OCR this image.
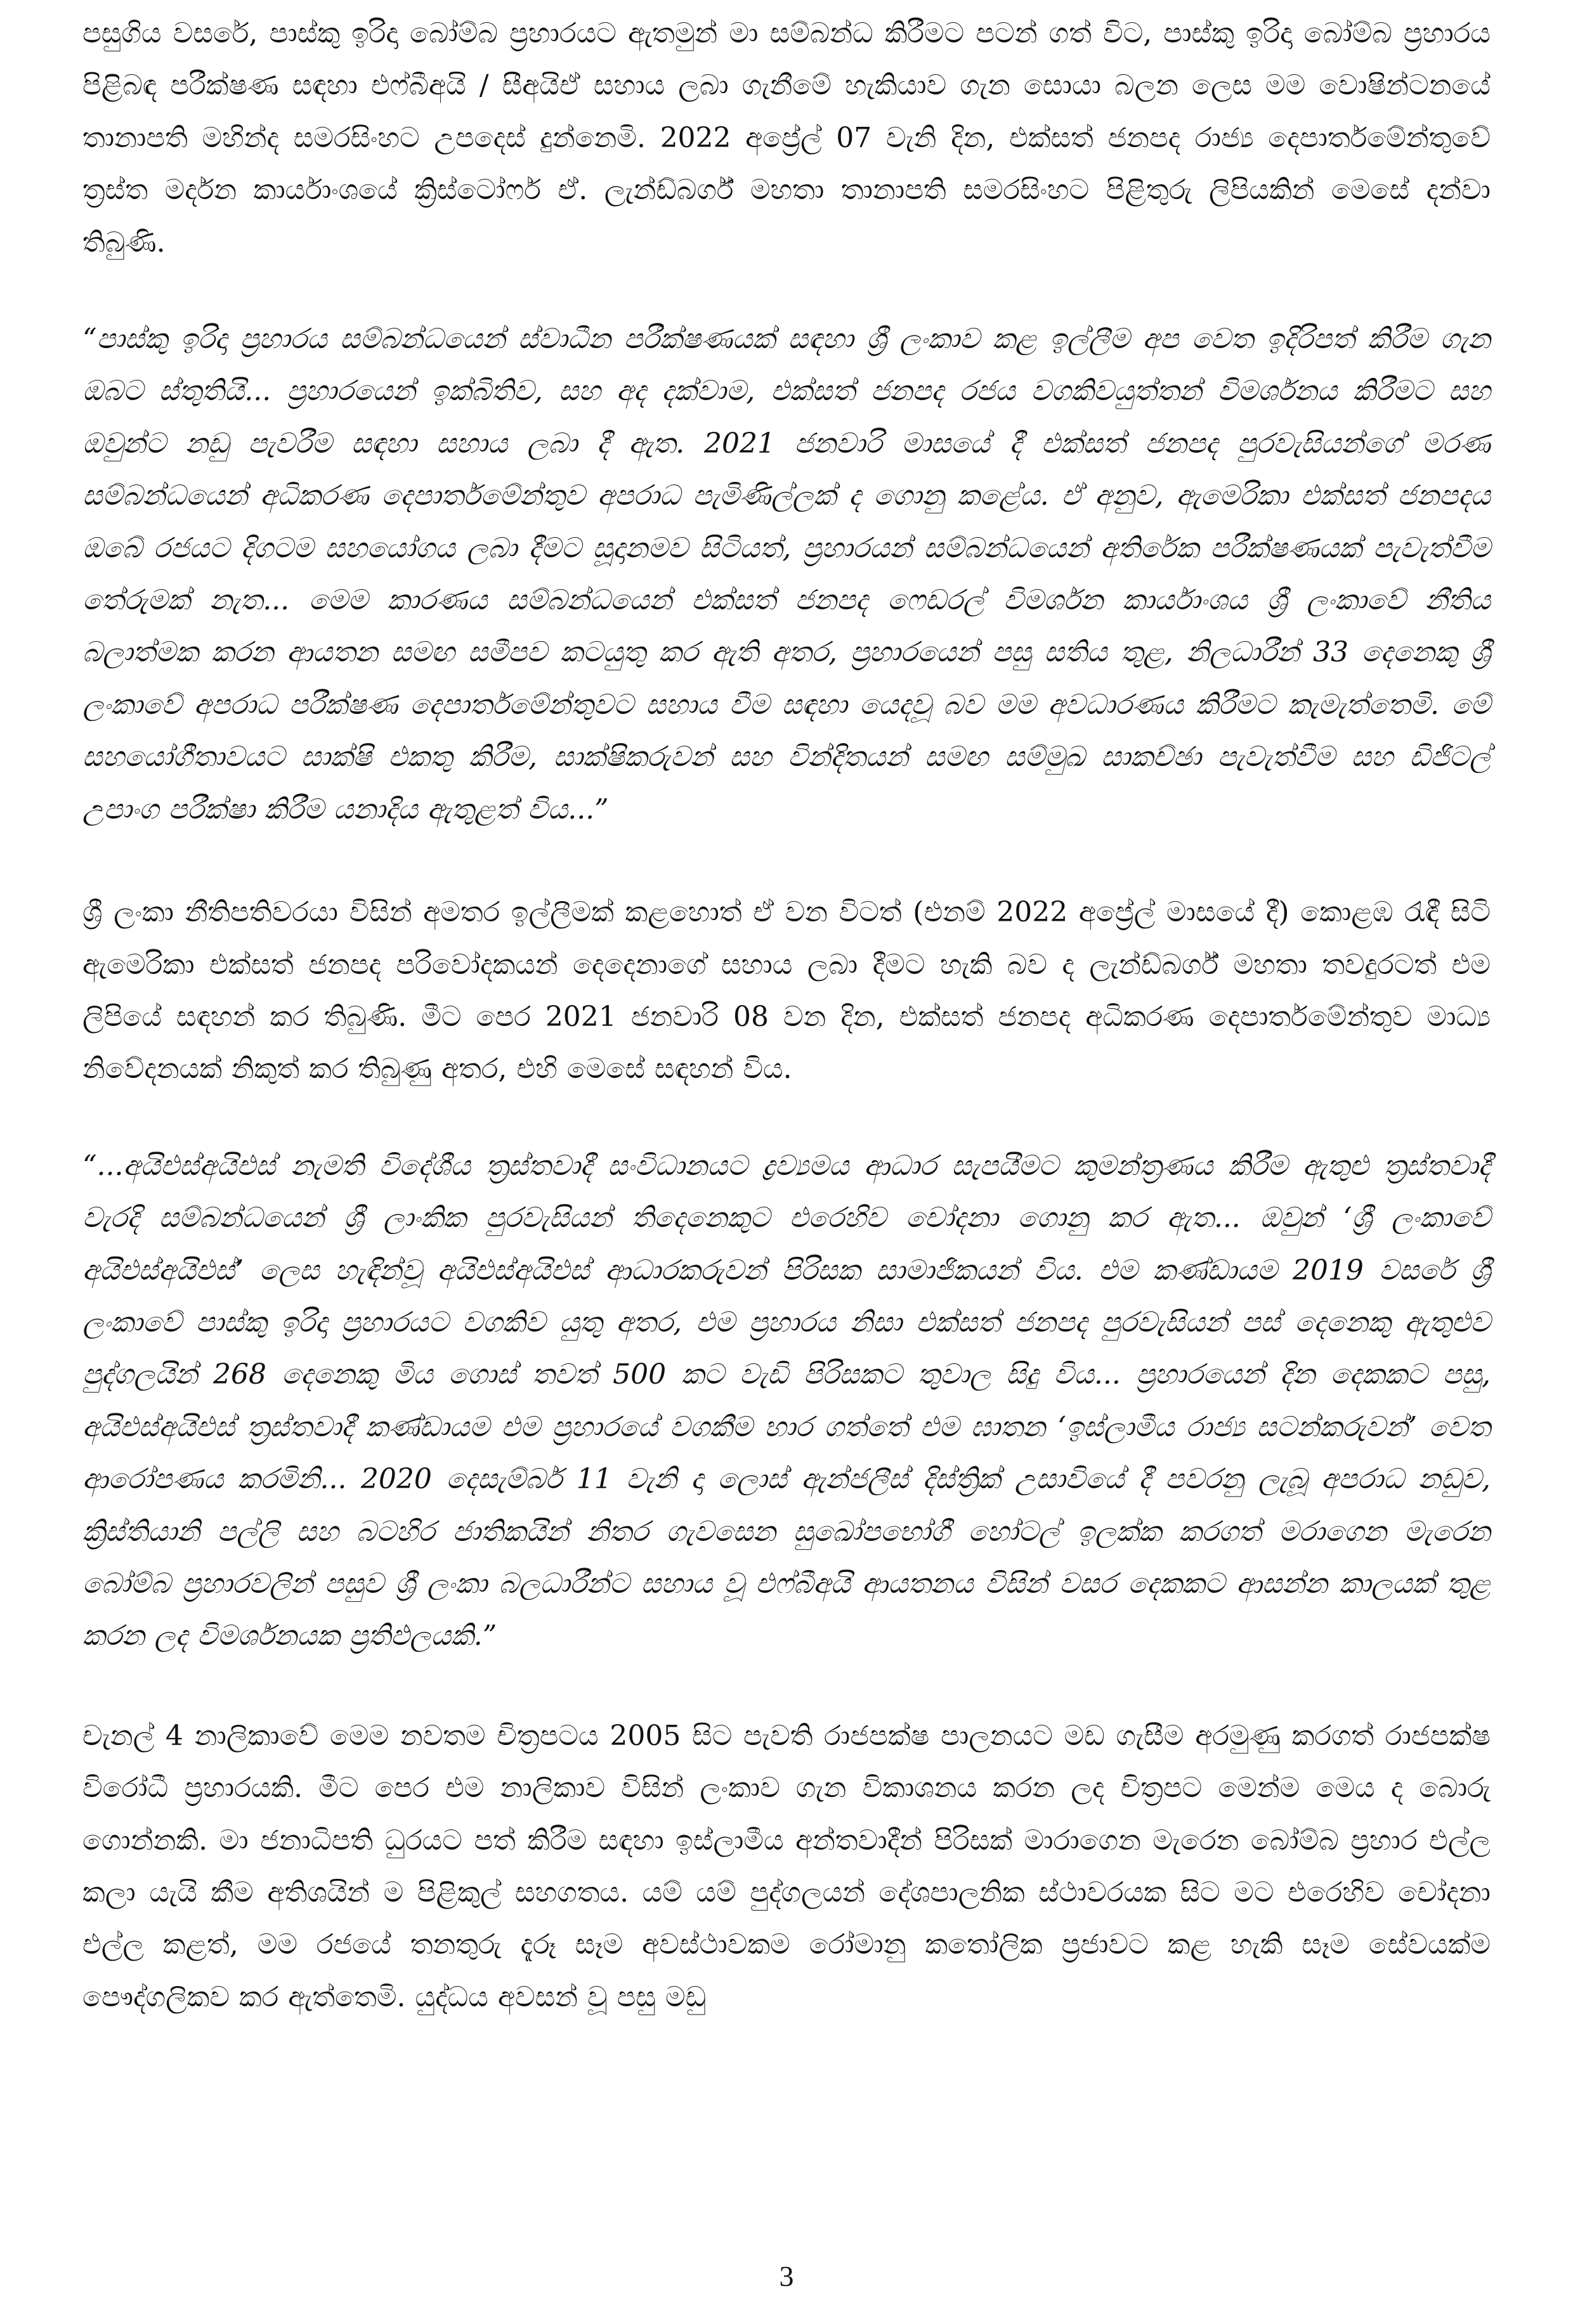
පසුගිය වසරේ, පාස්කු ඉරිදා බෝම්බ ප්‍රහාරයට ඇතමුන් මා සම්බන්ධ කිරීමට පටන් ගත් විට, පාස්කු ඉරිදා බෝම්බ ප්‍රහාරය පිළිබඳ පරීක්ෂණ සඳහා එෆ්බීඅයි / සීඅයිඒ සහාය ලබා ගැනීමේ හැකියාව ගැන සොයා බලන ලෙස මම වොෂින්ටනයේ තානාපති මහින්ද සමරසිංහට උපදෙස් දුන්නෙමි. 2022 අප්‍රේල් 07 වැනි දින, එක්සත් ජනපද රාජ්‍ය දෙපාර්තමේන්තුවේ ත්‍රස්ත මර්දන කාර්යාංශයේ ක්‍රිස්ටෝෆර් ඒ. ලැන්ඩ්බර්ග් මහතා තානාපති සමරසිංහට පිළිතුරු ලිපියකින් මෙසේ දන්වා තිබුණි.

“පාස්කු ඉරිදා ප්‍රහාරය සම්බන්ධයෙන් ස්වාධීන පරීක්ෂණයක් සඳහා ශ්‍රී ලංකාව කළ ඉල්ලීම අප වෙත ඉදිරිපත් කිරීම ගැන ඔබට ස්තුතියි... ප්‍රහාරයෙන් ඉක්බිතිව, සහ අද දක්වාම, එක්සත් ජනපද රජය වගකිවයුත්තන් විමර්ශනය කිරීමට සහ ඔවුන්ට නඩු පැවරීම සඳහා සහාය ලබා දී ඇත. 2021 ජනවාරි මාසයේ දී එක්සත් ජනපද පුරවැසියන්ගේ මරණ සම්බන්ධයෙන් අධිකරණ දෙපාර්තමේන්තුව අපරාධ පැමිණිල්ලක් ද ගොනු කළේය. ඒ අනුව, ඇමෙරිකා එක්සත් ජනපදය ඔබේ රජයට දිගටම සහයෝගය ලබා දීමට සූදානමව සිටියත්, ප්‍රහාරයන් සම්බන්ධයෙන් අතිරේක පරීක්ෂණයක් පැවැත්වීම තේරුමක් නැත... මෙම කාරණය සම්බන්ධයෙන් එක්සත් ජනපද ෆෙඩරල් විමර්ශන කාර්යාංශය ශ්‍රී ලංකාවේ නීතිය බලාත්මක කරන ආයතන සමඟ සමීපව කටයුතු කර ඇති අතර, ප්‍රහාරයෙන් පසු සතිය තුළ, නිලධාරීන් 33 දෙනෙකු ශ්‍රී ලංකාවේ අපරාධ පරීක්ෂණ දෙපාර්තමේන්තුවට සහාය වීම සඳහා යෙදවූ බව මම අවධාරණය කිරීමට කැමැත්තෙමි. මේ සහයෝගීතාවයට සාක්ෂි එකතු කිරීම, සාක්ෂිකරුවන් සහ වින්දිතයන් සමඟ සම්මුඛ සාකච්ඡා පැවැත්වීම සහ ඩිජිටල් උපාංග පරීක්ෂා කිරීම යනාදිය ඇතුළත් විය...”

ශ්‍රී ලංකා නීතිපතිවරයා විසින් අමතර ඉල්ලීමක් කළහොත් ඒ වන විටත් (එනම් 2022 අප්‍රේල් මාසයේ දී) කොළඹ රැඳී සිටි ඇමෙරිකා එක්සත් ජනපද පරිවෝදකයන් දෙදෙනාගේ සහාය ලබා දීමට හැකි බව ද ලැන්ඩ්බර්ග් මහතා තවදුරටත් එම ලිපියේ සඳහන් කර තිබුණි. මීට පෙර 2021 ජනවාරි 08 වන දින, එක්සත් ජනපද අධිකරණ දෙපාර්තමේන්තුව මාධ්‍ය නිවේදනයක් නිකුත් කර තිබුණු අතර, එහි මෙසේ සඳහන් විය.

“...අයිඑස්අයිඑස් නැමති විදේශීය ත්‍රස්තවාදී සංවිධානයට ද්‍රව්‍යමය ආධාර සැපයීමට කුමන්ත්‍රණය කිරීම ඇතුළු ත්‍රස්තවාදී වැරදි සම්බන්ධයෙන් ශ්‍රී ලාංකික පුරවැසියන් තිදෙනෙකුට එරෙහිව චෝදනා ගොනු කර ඇත... ඔවුන් ‘ශ්‍රී ලංකාවේ අයිඑස්අයිඑස්’ ලෙස හැඳින්වූ අයිඑස්අයිඑස් ආධාරකරුවන් පිරිසක සාමාජිකයන් විය. එම කණ්ඩායම 2019 වසරේ ශ්‍රී ලංකාවේ පාස්කු ඉරිදා ප්‍රහාරයට වගකිව යුතු අතර, එම ප්‍රහාරය නිසා එක්සත් ජනපද පුරවැසියන් පස් දෙනෙකු ඇතුළුව පුද්ගලයින් 268 දෙනෙකු මිය ගොස් තවත් 500 කට වැඩි පිරිසකට තුවාල සිදු විය... ප්‍රහාරයෙන් දින දෙකකට පසු, අයිඑස්අයිඑස් ත්‍රස්තවාදී කණ්ඩායම එම ප්‍රහාරයේ වගකීම භාර ගත්තේ එම ඝාතන ‘ඉස්ලාමීය රාජ්‍ය සටන්කරුවන්’ වෙත ආරෝපණය කරමිනි... 2020 දෙසැම්බර් 11 වැනි දා ලොස් ඇන්ජලීස් දිස්ත්‍රික් උසාවියේ දී පවරනු ලැබූ අපරාධ නඩුව, ක්‍රිස්තියානි පල්ලි සහ බටහිර ජාතිකයින් නිතර ගැවසෙන සුඛෝපභෝගී හෝටල් ඉලක්ක කරගත් මරාගෙන මැරෙන බෝම්බ ප්‍රහාරවලින් පසුව ශ්‍රී ලංකා බලධාරීන්ට සහාය වූ එෆ්බීඅයි ආයතනය විසින් වසර දෙකකට ආසන්න කාලයක් තුළ කරන ලද විමර්ශනයක ප්‍රතිඵලයකි.”

චැනල් 4 නාලිකාවේ මෙම නවතම චිත්‍රපටය 2005 සිට පැවති රාජපක්ෂ පාලනයට මඩ ගැසීම අරමුණු කරගත් රාජපක්ෂ විරෝධී ප්‍රහාරයකි. මීට පෙර එම නාලිකාව විසින් ලංකාව ගැන විකාශනය කරන ලද චිත්‍රපට මෙන්ම මෙය ද බොරු ගොන්නකි. මා ජනාධිපති ධුරයට පත් කිරීම සඳහා ඉස්ලාමීය අන්තවාදීන් පිරිසක් මාරාගෙන මැරෙන බෝම්බ ප්‍රහාර එල්ල කලා යැයි කීම අතිශයින් ම පිළිකුල් සහගතය. යම් යම් පුද්ගලයන් දේශපාලනික ස්ථාවරයක සිට මට එරෙහිව චෝදනා එල්ල කළත්, මම රජයේ තනතුරු දැරූ සෑම අවස්ථාවකම රෝමානු කතෝලික ප්‍රජාවට කළ හැකි සෑම සේවයක්ම පෞද්ගලිකව කර ඇත්තෙමි. යුද්ධය අවසන් වූ පසු මඩු

3
